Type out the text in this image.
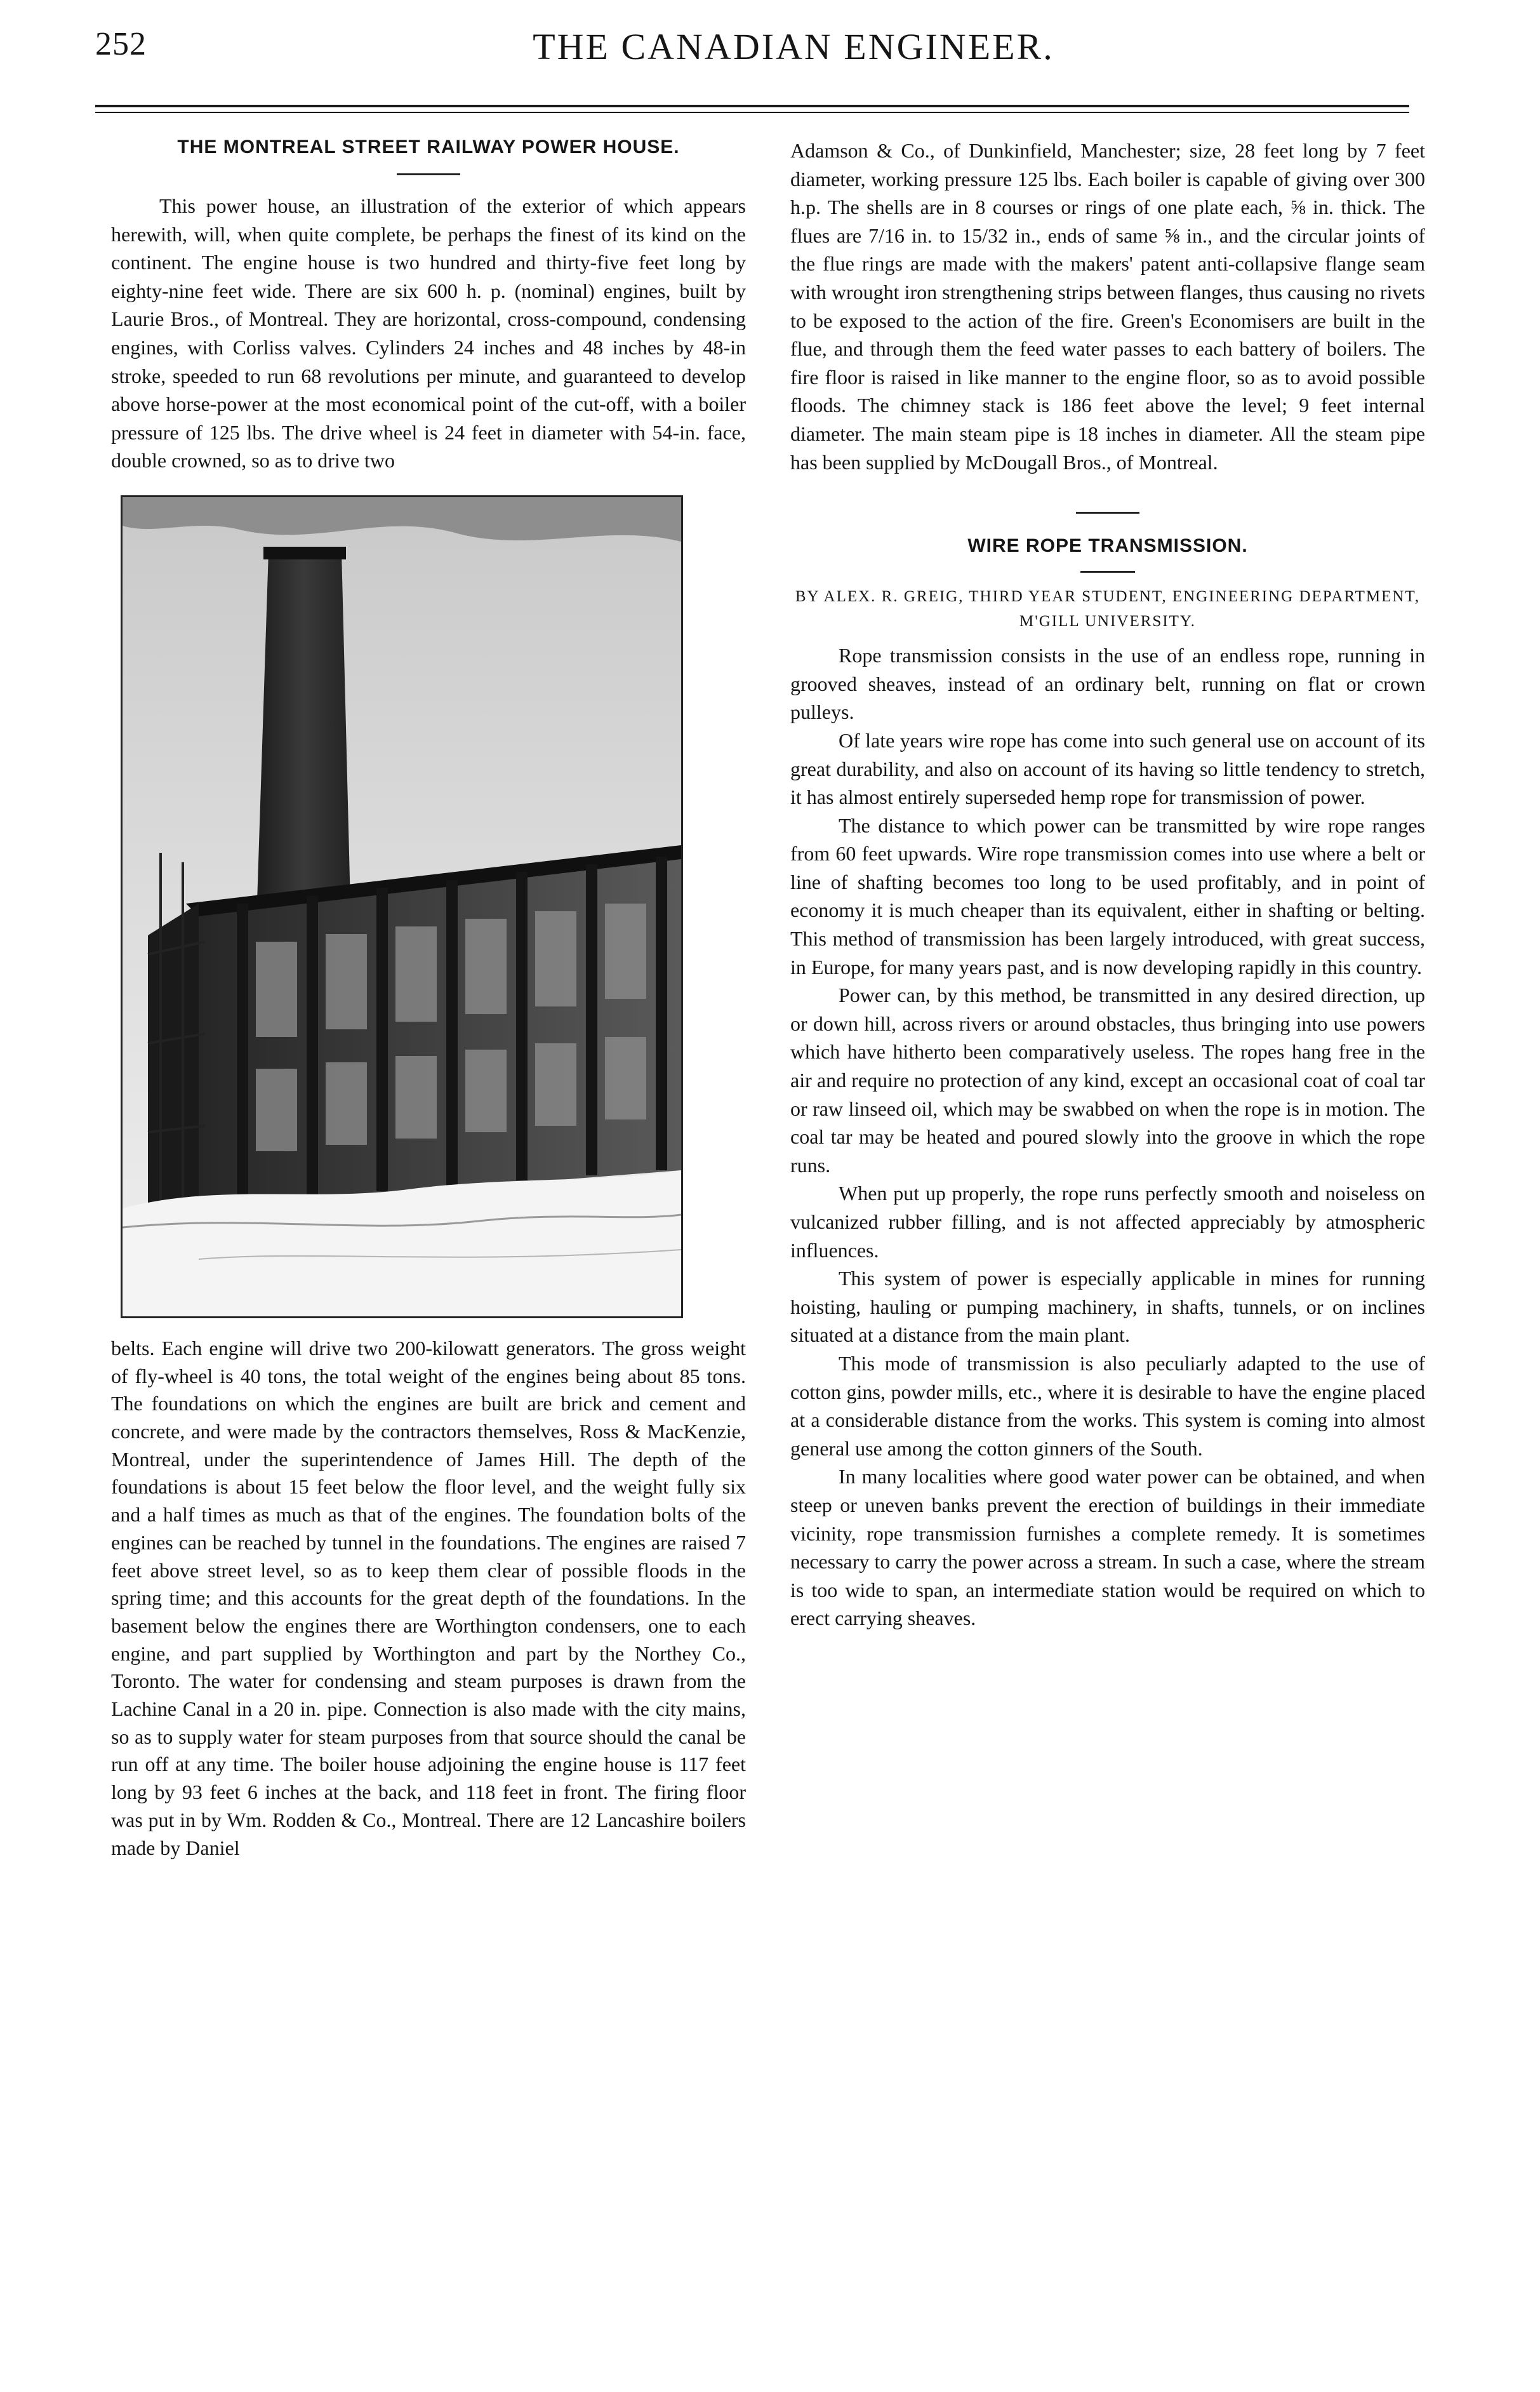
252	THE CANADIAN ENGINEER.
THE MONTREAL STREET RAILWAY POWER HOUSE.

This power house, an illustration of the exterior of which appears herewith, will, when quite complete, be perhaps the finest of its kind on the continent. The engine house is two hundred and thirty-five feet long by eighty-nine feet wide. There are six 600 h. p. (nominal) engines, built by Laurie Bros., of Montreal. They are horizontal, cross-compound, condensing engines, with Corliss valves. Cylinders 24 inches and 48 inches by 48-in stroke, speeded to run 68 revolutions per minute, and guaranteed to develop above horse-power at the most economical point of the cut-off, with a boiler pressure of 125 lbs. The drive wheel is 24 feet in diameter with 54-in. face, double crowned, so as to drive two

belts. Each engine will drive two 200-kilowatt generators. The gross weight of fly-wheel is 40 tons, the total weight of the engines being about 85 tons. The foundations on which the engines are built are brick and cement and concrete, and were made by the contractors themselves, Ross & MacKenzie, Montreal, under the superintendence of James Hill. The depth of the foundations is about 15 feet below the floor level, and the weight fully six and a half times as much as that of the engines. The foundation bolts of the engines can be reached by tunnel in the foundations. The engines are raised 7 feet above street level, so as to keep them clear of possible floods in the spring time; and this accounts for the great depth of the foundations. In the basement below the engines there are Worthington condensers, one to each engine, and part supplied by Worthington and part by the Northey Co., Toronto. The water for condensing and steam purposes is drawn from the Lachine Canal in a 20 in. pipe. Connection is also made with the city mains, so as to supply water for steam purposes from that source should the canal be run off at any time. The boiler house adjoining the engine house is 117 feet long by 93 feet 6 inches at the back, and 118 feet in front. The firing floor was put in by Wm. Rodden & Co., Montreal. There are 12 Lancashire boilers made by Daniel

Adamson & Co., of Dunkinfield, Manchester; size, 28 feet long by 7 feet diameter, working pressure 125 lbs. Each boiler is capable of giving over 300 h.p. The shells are in 8 courses or rings of one plate each, ⅝ in. thick. The flues are 7/16 in. to 15/32 in., ends of same ⅝ in., and the circular joints of the flue rings are made with the makers' patent anti-collapsive flange seam with wrought iron strengthening strips between flanges, thus causing no rivets to be exposed to the action of the fire. Green's Economisers are built in the flue, and through them the feed water passes to each battery of boilers. The fire floor is raised in like manner to the engine floor, so as to avoid possible floods. The chimney stack is 186 feet above the level; 9 feet internal diameter. The main steam pipe is 18 inches in diameter. All the steam pipe has been supplied by McDougall Bros., of Montreal.

WIRE ROPE TRANSMISSION.
BY ALEX. R. GREIG, THIRD YEAR STUDENT, ENGINEERING DEPARTMENT, M'GILL UNIVERSITY.

Rope transmission consists in the use of an endless rope, running in grooved sheaves, instead of an ordinary belt, running on flat or crown pulleys.

Of late years wire rope has come into such general use on account of its great durability, and also on account of its having so little tendency to stretch, it has almost entirely superseded hemp rope for transmission of power.

The distance to which power can be transmitted by wire rope ranges from 60 feet upwards. Wire rope transmission comes into use where a belt or line of shafting becomes too long to be used profitably, and in point of economy it is much cheaper than its equivalent, either in shafting or belting. This method of transmission has been largely introduced, with great success, in Europe, for many years past, and is now developing rapidly in this country.

Power can, by this method, be transmitted in any desired direction, up or down hill, across rivers or around obstacles, thus bringing into use powers which have hitherto been comparatively useless. The ropes hang free in the air and require no protection of any kind, except an occasional coat of coal tar or raw linseed oil, which may be swabbed on when the rope is in motion. The coal tar may be heated and poured slowly into the groove in which the rope runs.

When put up properly, the rope runs perfectly smooth and noiseless on vulcanized rubber filling, and is not affected appreciably by atmospheric influences.

This system of power is especially applicable in mines for running hoisting, hauling or pumping machinery, in shafts, tunnels, or on inclines situated at a distance from the main plant.

This mode of transmission is also peculiarly adapted to the use of cotton gins, powder mills, etc., where it is desirable to have the engine placed at a considerable distance from the works. This system is coming into almost general use among the cotton ginners of the South.

In many localities where good water power can be obtained, and when steep or uneven banks prevent the erection of buildings in their immediate vicinity, rope transmission furnishes a complete remedy. It is sometimes necessary to carry the power across a stream. In such a case, where the stream is too wide to span, an intermediate station would be required on which to erect carrying sheaves.
